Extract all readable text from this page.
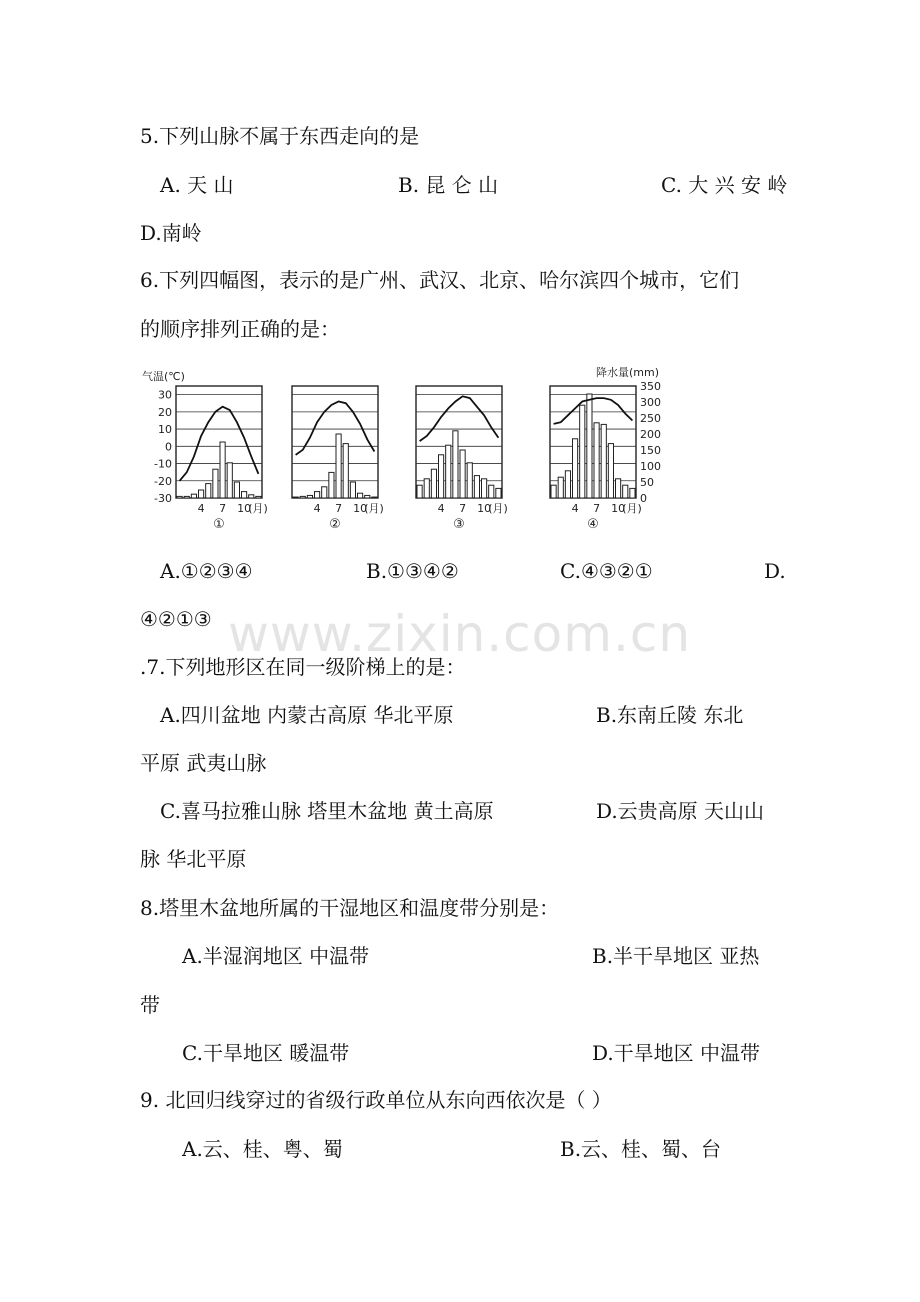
www.zixin.com.cn
5.下列山脉不属于东西走向的是
A. 天 山	B. 昆 仑 山	C. 大 兴 安 岭
D.南岭
6.下列四幅图，表示的是广州、武汉、北京、哈尔滨四个城市，它们
的顺序排列正确的是：
气温(℃)
30
20
10
0
-10
-20
-30
降水量(mm)
350
300
250
200
150
100
50
0
4 7 10
(月)
①
4 7 10
(月)
②
4 7 10
(月)
③
4 7 10
(月)
④
A.①②③④	B.①③④②	C.④③②①	D.
④②①③
.7.下列地形区在同一级阶梯上的是：
A.四川盆地 内蒙古高原 华北平原	B.东南丘陵 东北
平原 武夷山脉
C.喜马拉雅山脉 塔里木盆地 黄土高原	D.云贵高原 天山山
脉 华北平原
8.塔里木盆地所属的干湿地区和温度带分别是：
A.半湿润地区 中温带	B.半干旱地区 亚热
带
C.干旱地区 暖温带	D.干旱地区 中温带
9. 北回归线穿过的省级行政单位从东向西依次是（ ）
A.云、桂、粤、蜀	B.云、桂、蜀、台
